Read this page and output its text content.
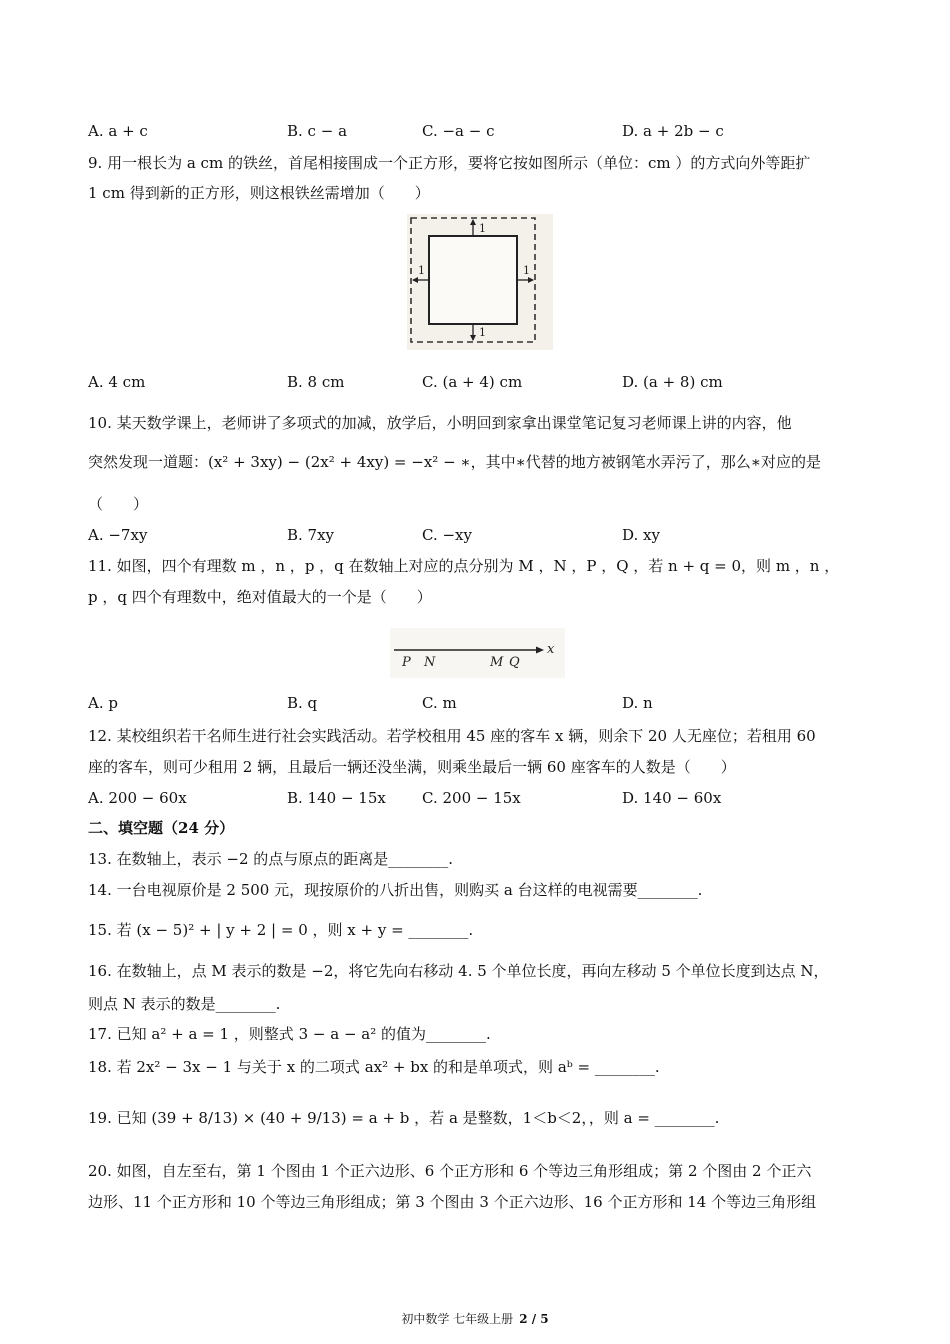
A. a + c	B. c − a	C. −a − c	D. a + 2b − c
9. 用一根长为 a cm 的铁丝，首尾相接围成一个正方形，要将它按如图所示（单位：cm ）的方式向外等距扩
1 cm 得到新的正方形，则这根铁丝需增加（　　）
1
1
1	1
A. 4 cm	B. 8 cm	C. (a + 4) cm	D. (a + 8) cm
10. 某天数学课上，老师讲了多项式的加减，放学后，小明回到家拿出课堂笔记复习老师课上讲的内容，他
突然发现一道题：(x² + 3xy) − (2x² + 4xy) = −x² − ∗，其中∗代替的地方被钢笔水弄污了，那么∗对应的是
（　　）
A. −7xy	B. 7xy	C. −xy	D. xy
11. 如图，四个有理数 m ，n ，p ，q 在数轴上对应的点分别为 M ，N ，P ，Q ，若 n + q = 0，则 m ，n ，
p ，q 四个有理数中，绝对值最大的一个是（　　）
P N	M Q
x
A. p	B. q	C. m	D. n
12. 某校组织若干名师生进行社会实践活动。若学校租用 45 座的客车 x 辆，则余下 20 人无座位；若租用 60
座的客车，则可少租用 2 辆，且最后一辆还没坐满，则乘坐最后一辆 60 座客车的人数是（　　）
A. 200 − 60x	B. 140 − 15x C. 200 − 15x	D. 140 − 60x
二、填空题（24 分）
13. 在数轴上，表示 −2 的点与原点的距离是________.
14. 一台电视原价是 2 500 元，现按原价的八折出售，则购买 a 台这样的电视需要________.
15. 若 (x − 5)² + | y + 2 | = 0 ，则 x + y = ________.
16. 在数轴上，点 M 表示的数是 −2，将它先向右移动 4. 5 个单位长度，再向左移动 5 个单位长度到达点 N，
则点 N 表示的数是________.
17. 已知 a² + a = 1 ，则整式 3 − a − a² 的值为________.
18. 若 2x² − 3x − 1 与关于 x 的二项式 ax² + bx 的和是单项式，则 aᵇ = ________.
19. 已知 (39 + 8/13) × (40 + 9/13) = a + b ，若 a 是整数，1＜b＜2，，则 a = ________.
20. 如图，自左至右，第 1 个图由 1 个正六边形、6 个正方形和 6 个等边三角形组成；第 2 个图由 2 个正六
边形、11 个正方形和 10 个等边三角形组成；第 3 个图由 3 个正六边形、16 个正方形和 14 个等边三角形组
初中数学 七年级上册 2 / 5
